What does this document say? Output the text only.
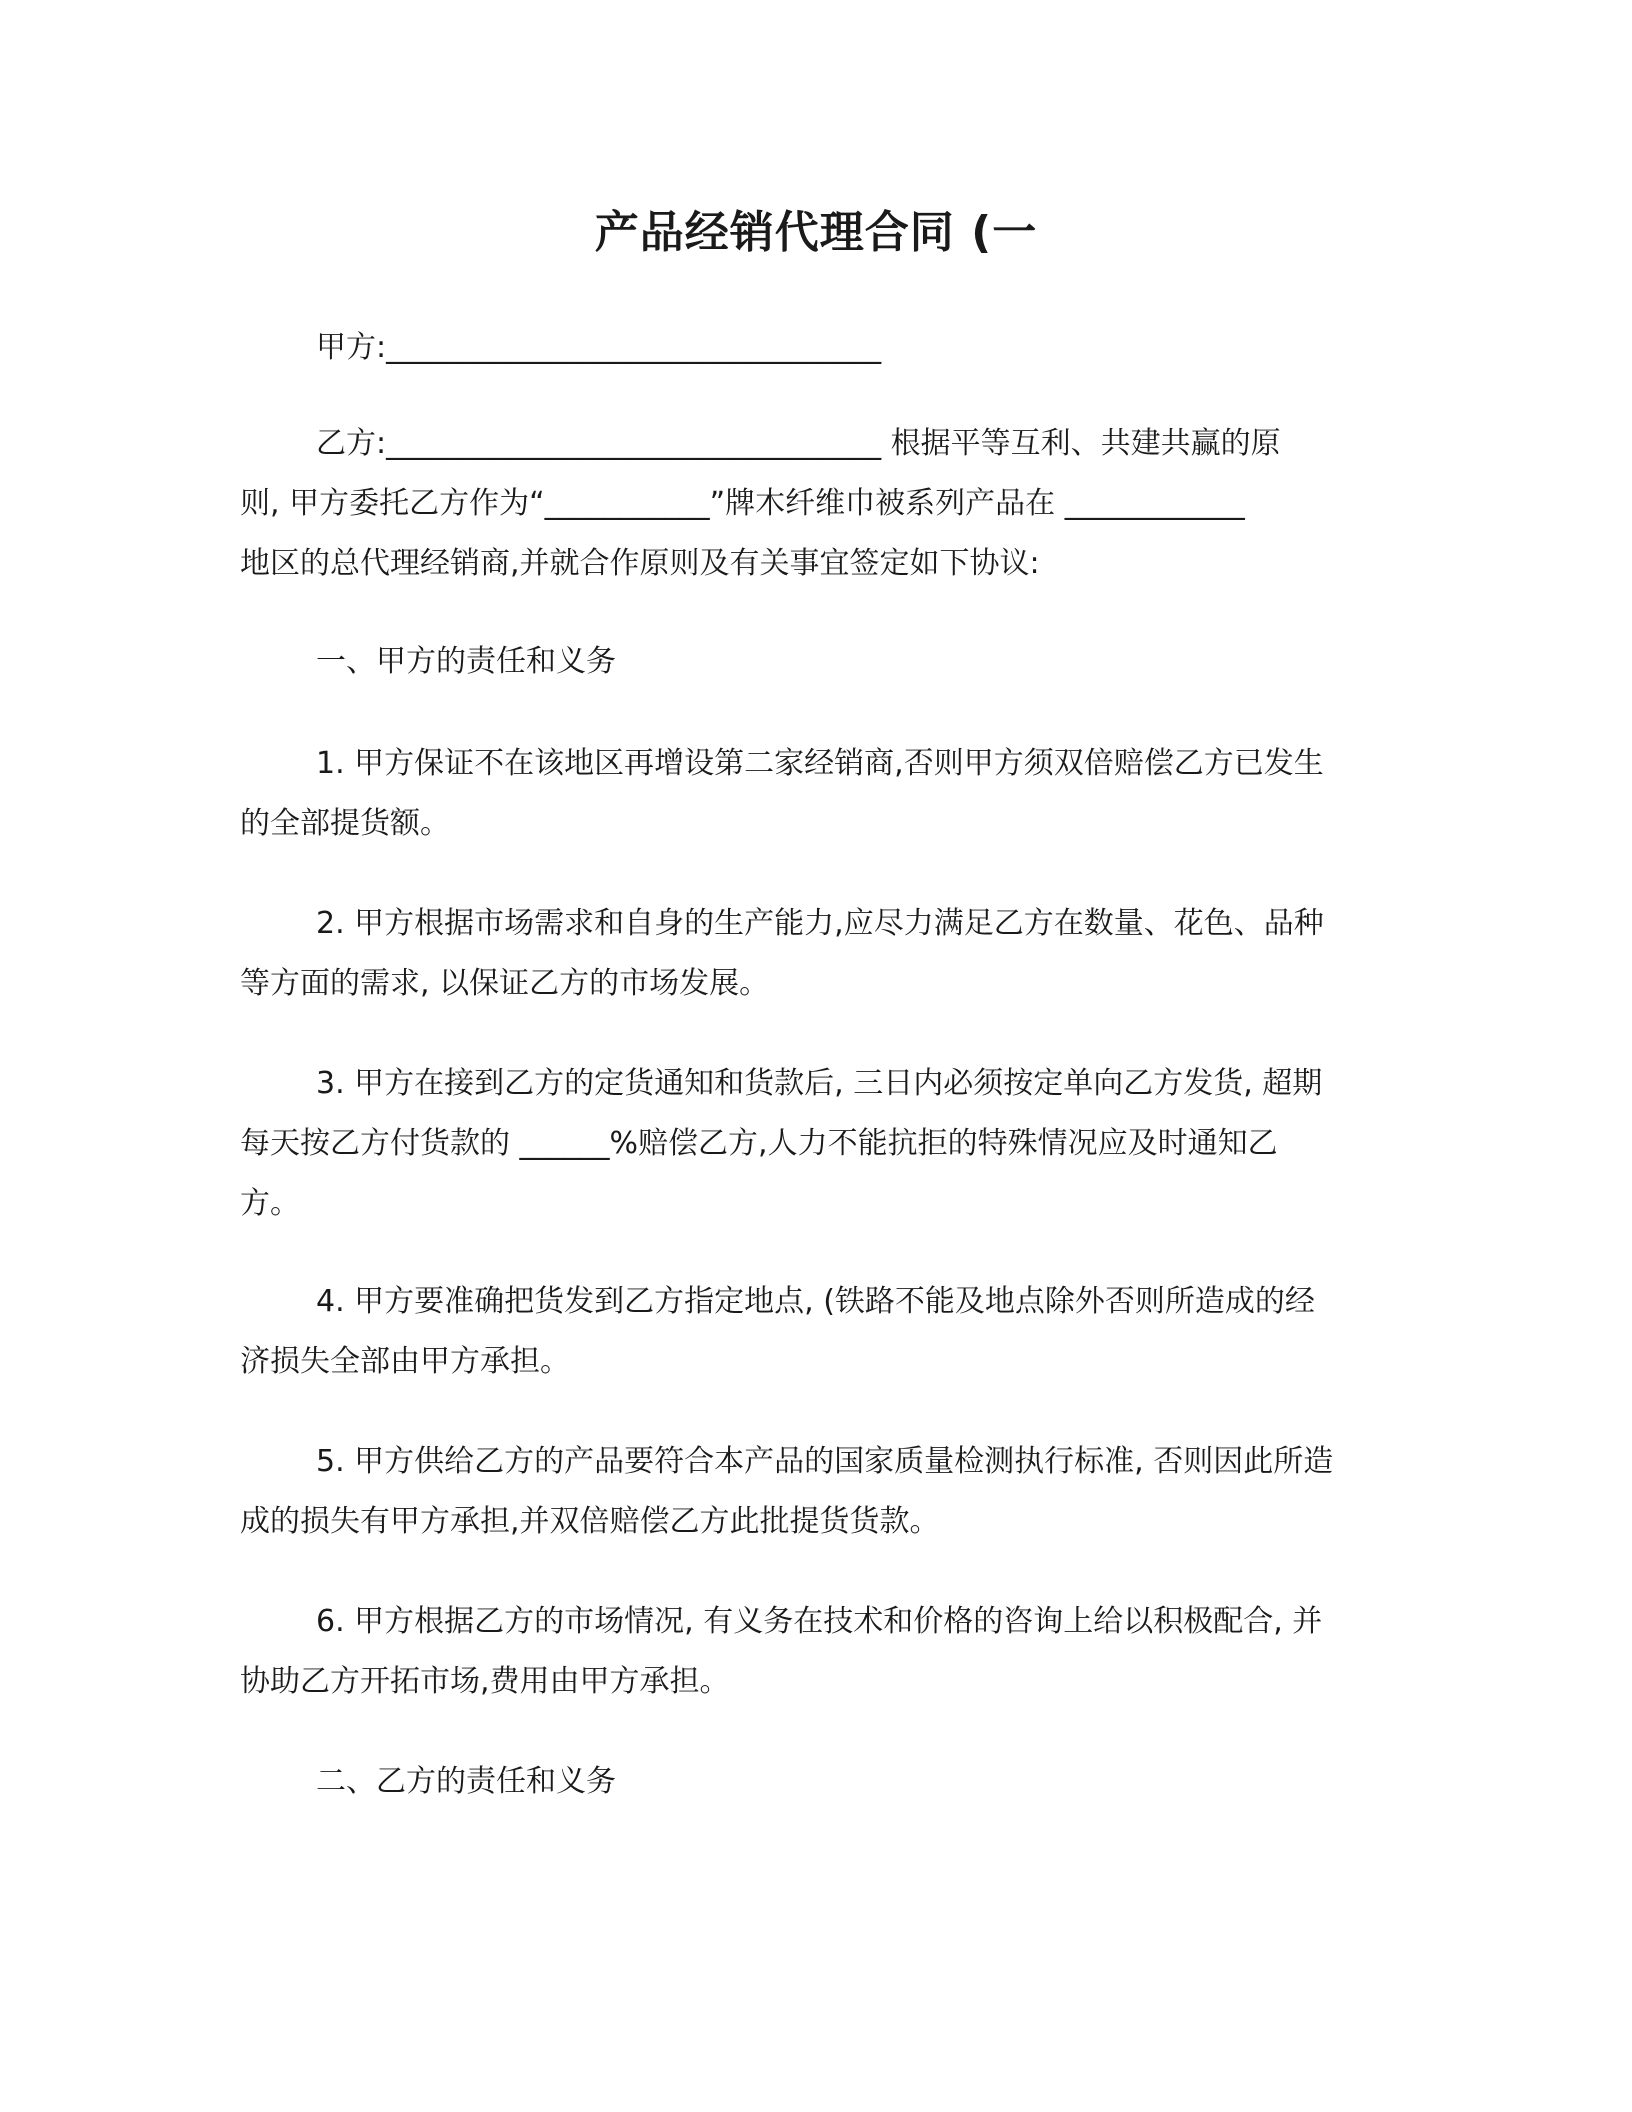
产品经销代理合同 (一
甲方:_________________________________
乙方:_________________________________ 根据平等互利、共建共赢的原
则, 甲方委托乙方作为“___________”牌木纤维巾被系列产品在 ____________
地区的总代理经销商,并就合作原则及有关事宜签定如下协议:
一、甲方的责任和义务
1. 甲方保证不在该地区再增设第二家经销商,否则甲方须双倍赔偿乙方已发生
的全部提货额。
2. 甲方根据市场需求和自身的生产能力,应尽力满足乙方在数量、花色、品种
等方面的需求, 以保证乙方的市场发展。
3. 甲方在接到乙方的定货通知和货款后, 三日内必须按定单向乙方发货, 超期
每天按乙方付货款的 ______%赔偿乙方,人力不能抗拒的特殊情况应及时通知乙
方。
4. 甲方要准确把货发到乙方指定地点, (铁路不能及地点除外否则所造成的经
济损失全部由甲方承担。
5. 甲方供给乙方的产品要符合本产品的国家质量检测执行标准, 否则因此所造
成的损失有甲方承担,并双倍赔偿乙方此批提货货款。
6. 甲方根据乙方的市场情况, 有义务在技术和价格的咨询上给以积极配合, 并
协助乙方开拓市场,费用由甲方承担。
二、乙方的责任和义务
